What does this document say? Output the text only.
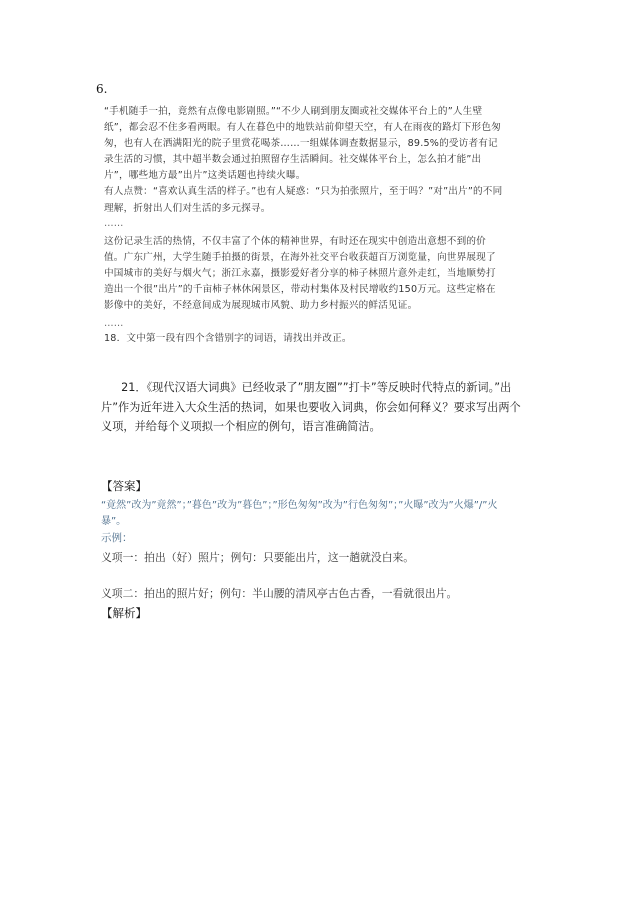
6.

“手机随手一拍，竟然有点像电影剧照。”“不少人刷到朋友圈或社交媒体平台上的”人生壁纸”，都会忍不住多看两眼。有人在暮色中的地铁站前仰望天空，有人在雨夜的路灯下形色匆匆，也有人在洒满阳光的院子里赏花喝茶……一组媒体调查数据显示，89.5%的受访者有记录生活的习惯，其中超半数会通过拍照留存生活瞬间。社交媒体平台上，怎么拍才能”出片”，哪些地方最”出片”这类话题也持续火曝。

有人点赞：“喜欢认真生活的样子。”也有人疑惑：“只为拍张照片，至于吗？”对”出片”的不同理解，折射出人们对生活的多元探寻。

……

这份记录生活的热情，不仅丰富了个体的精神世界，有时还在现实中创造出意想不到的价值。广东广州，大学生随手拍摄的街景，在海外社交平台收获超百万浏览量，向世界展现了中国城市的美好与烟火气；浙江永嘉，摄影爱好者分享的柿子林照片意外走红，当地顺势打造出一个很”出片”的千亩柿子林休闲景区，带动村集体及村民增收约150万元。这些定格在影像中的美好，不经意间成为展现城市风貌、助力乡村振兴的鲜活见证。

……

18．文中第一段有四个含错别字的词语，请找出并改正。

21．《现代汉语大词典》已经收录了”朋友圈””打卡”等反映时代特点的新词。”出片”作为近年进入大众生活的热词，如果也要收入词典，你会如何释义？要求写出两个义项，并给每个义项拟一个相应的例句，语言准确简洁。

【答案】

“竟然”改为”竟然”；”暮色”改为”暮色”；”形色匆匆”改为”行色匆匆”；”火曝”改为”火爆”/”火暴”。

示例：

义项一：拍出（好）照片；例句：只要能出片，这一趟就没白来。

义项二：拍出的照片好；例句：半山腰的清风亭古色古香，一看就很出片。

【解析】
